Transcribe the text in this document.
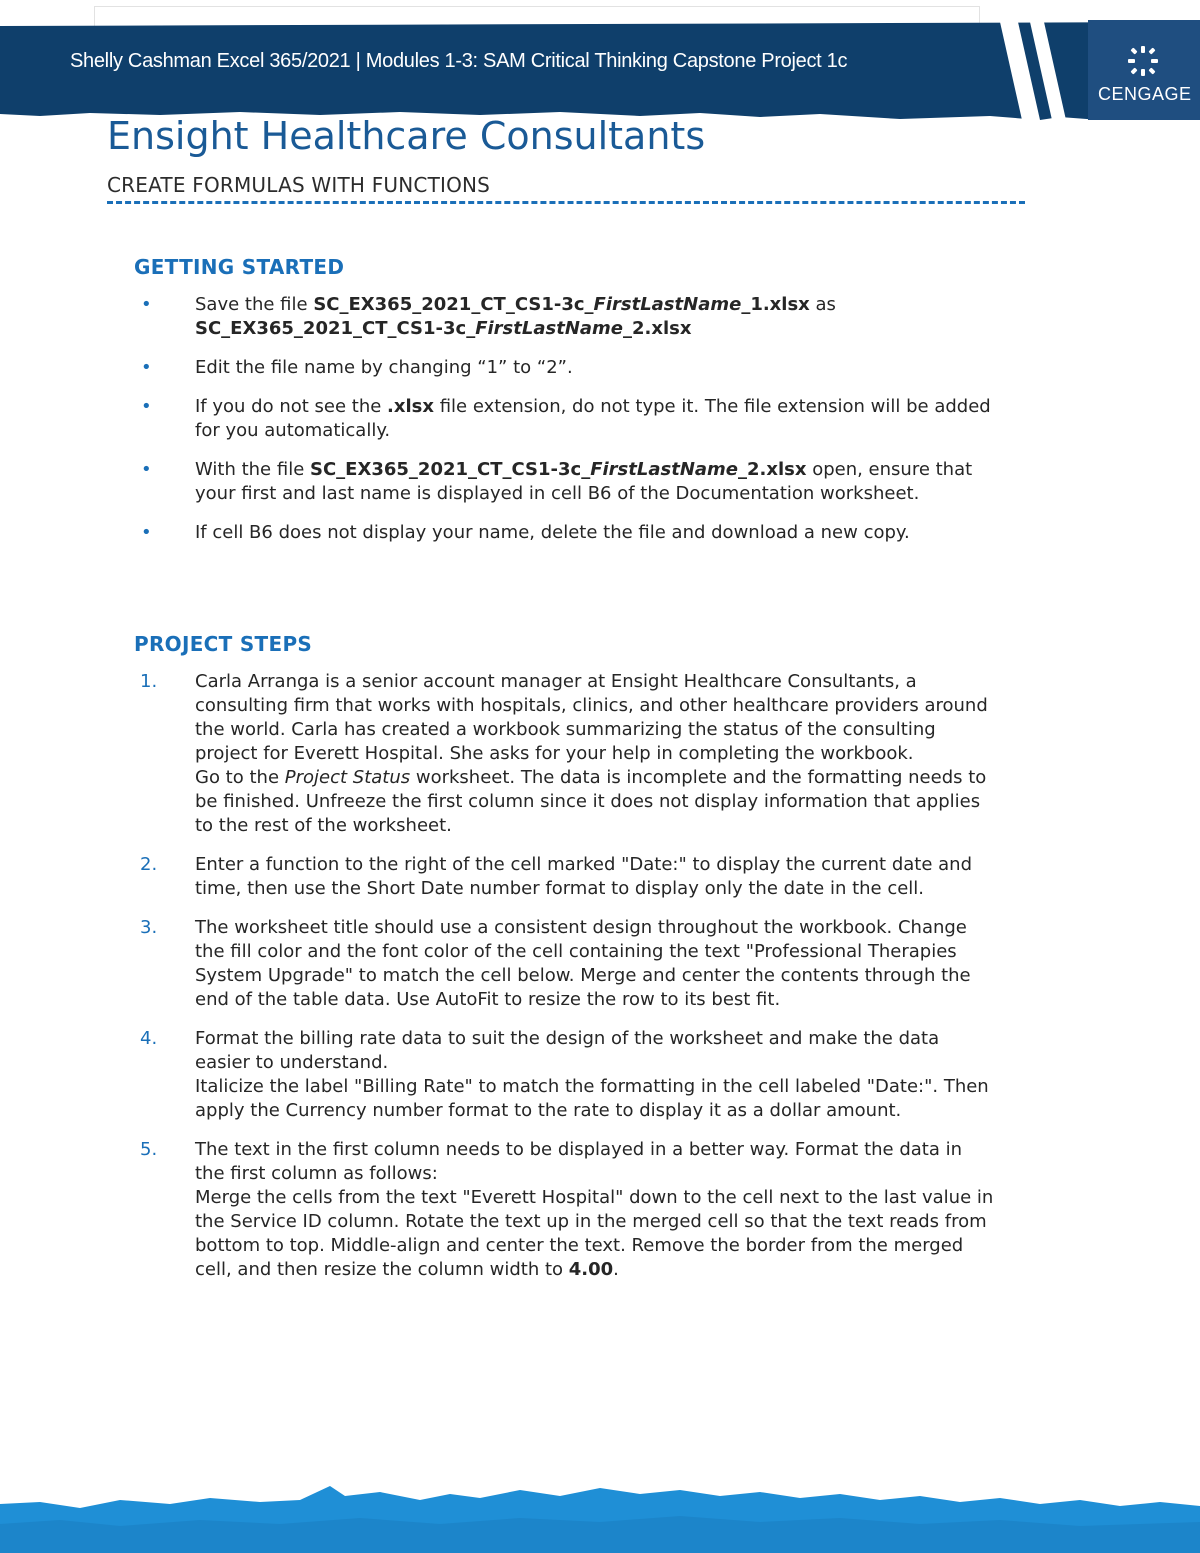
Shelly Cashman Excel 365/2021 | Modules 1-3: SAM Critical Thinking Capstone Project 1c
CENGAGE
Ensight Healthcare Consultants
CREATE FORMULAS WITH FUNCTIONS
GETTING STARTED
• Save the file SC_EX365_2021_CT_CS1-3c_FirstLastName_1.xlsx as
SC_EX365_2021_CT_CS1-3c_FirstLastName_2.xlsx
• Edit the file name by changing “1” to “2”.
• If you do not see the .xlsx file extension, do not type it. The file extension will be added for you automatically.
• With the file SC_EX365_2021_CT_CS1-3c_FirstLastName_2.xlsx open, ensure that your first and last name is displayed in cell B6 of the Documentation worksheet.
• If cell B6 does not display your name, delete the file and download a new copy.
PROJECT STEPS
1. Carla Arranga is a senior account manager at Ensight Healthcare Consultants, a consulting firm that works with hospitals, clinics, and other healthcare providers around the world. Carla has created a workbook summarizing the status of the consulting project for Everett Hospital. She asks for your help in completing the workbook.
Go to the Project Status worksheet. The data is incomplete and the formatting needs to be finished. Unfreeze the first column since it does not display information that applies to the rest of the worksheet.
2. Enter a function to the right of the cell marked "Date:" to display the current date and time, then use the Short Date number format to display only the date in the cell.
3. The worksheet title should use a consistent design throughout the workbook. Change the fill color and the font color of the cell containing the text "Professional Therapies System Upgrade" to match the cell below. Merge and center the contents through the end of the table data. Use AutoFit to resize the row to its best fit.
4. Format the billing rate data to suit the design of the worksheet and make the data easier to understand.
Italicize the label "Billing Rate" to match the formatting in the cell labeled "Date:". Then apply the Currency number format to the rate to display it as a dollar amount.
5. The text in the first column needs to be displayed in a better way. Format the data in the first column as follows:
Merge the cells from the text "Everett Hospital" down to the cell next to the last value in the Service ID column. Rotate the text up in the merged cell so that the text reads from bottom to top. Middle-align and center the text. Remove the border from the merged cell, and then resize the column width to 4.00.
